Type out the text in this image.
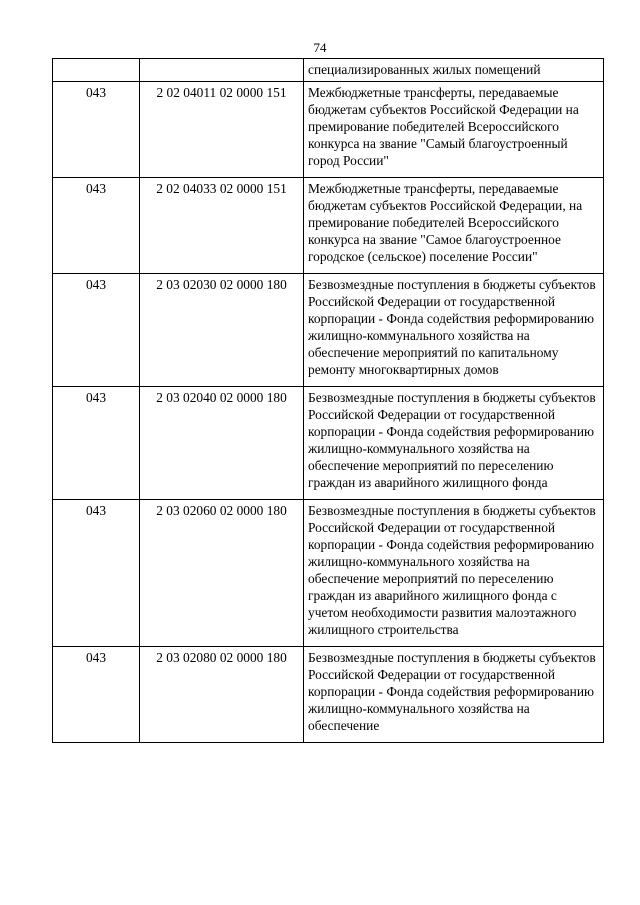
74
		специализированных жилых помещений
043	2 02 04011 02 0000 151	Межбюджетные трансферты, передаваемые бюджетам субъектов Российской Федерации на премирование победителей Всероссийского конкурса на звание "Самый благоустроенный город России"
043	2 02 04033 02 0000 151	Межбюджетные трансферты, передаваемые бюджетам субъектов Российской Федерации, на премирование победителей Всероссийского конкурса на звание "Самое благоустроенное городское (сельское) поселение России"
043	2 03 02030 02 0000 180	Безвозмездные поступления в бюджеты субъектов Российской Федерации от государственной корпорации - Фонда содействия реформированию жилищно-коммунального хозяйства на обеспечение мероприятий по капитальному ремонту многоквартирных домов
043	2 03 02040 02 0000 180	Безвозмездные поступления в бюджеты субъектов Российской Федерации от государственной корпорации - Фонда содействия реформированию жилищно-коммунального хозяйства на обеспечение мероприятий по переселению граждан из аварийного жилищного фонда
043	2 03 02060 02 0000 180	Безвозмездные поступления в бюджеты субъектов Российской Федерации от государственной корпорации - Фонда содействия реформированию жилищно-коммунального хозяйства на обеспечение мероприятий по переселению граждан из аварийного жилищного фонда с учетом необходимости развития малоэтажного жилищного строительства
043	2 03 02080 02 0000 180	Безвозмездные поступления в бюджеты субъектов Российской Федерации от государственной корпорации - Фонда содействия реформированию жилищно-коммунального хозяйства на обеспечение
